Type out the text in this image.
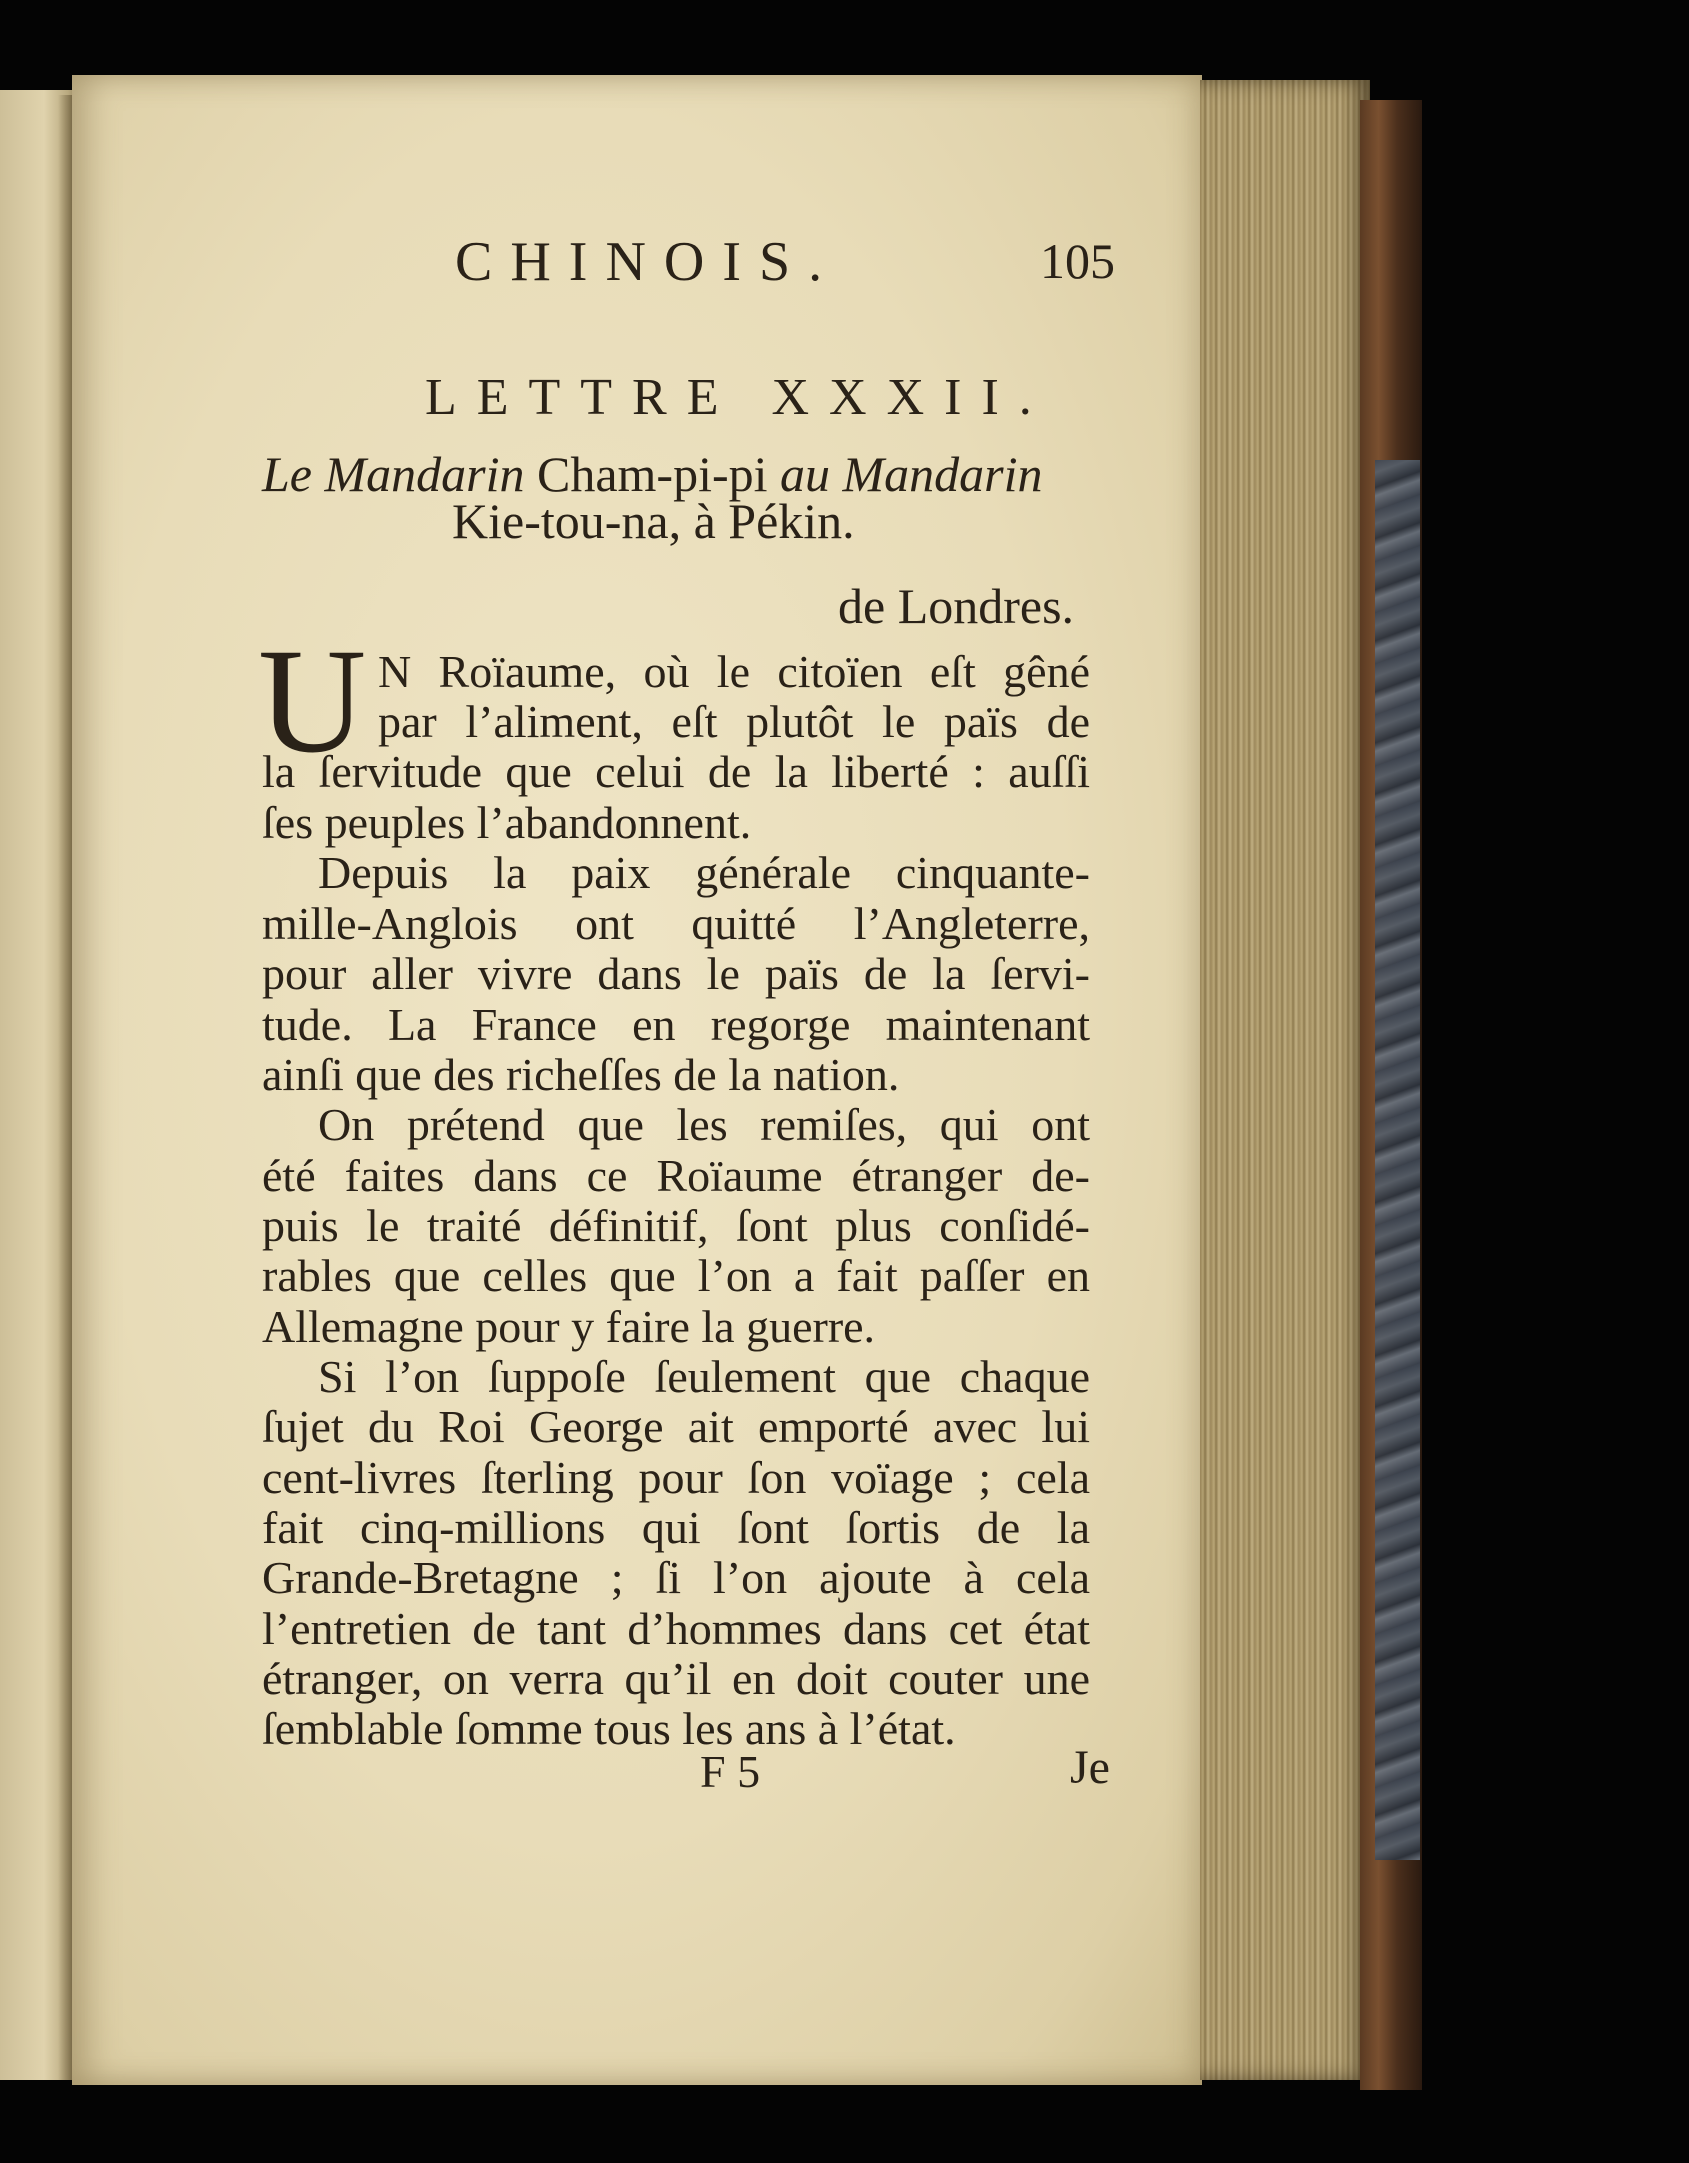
CHINOIS.	105
LETTRE XXXII.
Le Mandarin Cham-pi-pi au Mandarin
Kie-tou-na, à Pékin.
de Londres.
U N Roïaume, où le citoïen eſt gêné
par l’aliment, eſt plutôt le païs de
la ſervitude que celui de la liberté : auſſi
ſes peuples l’abandonnent.
Depuis la paix générale cinquante-
mille-Anglois ont quitté l’Angleterre,
pour aller vivre dans le païs de la ſervi-
tude. La France en regorge maintenant
ainſi que des richeſſes de la nation.
On prétend que les remiſes, qui ont
été faites dans ce Roïaume étranger de-
puis le traité définitif, ſont plus conſidé-
rables que celles que l’on a fait paſſer en
Allemagne pour y faire la guerre.
Si l’on ſuppoſe ſeulement que chaque
ſujet du Roi George ait emporté avec lui
cent-livres ſterling pour ſon voïage ; cela
fait cinq-millions qui ſont ſortis de la
Grande-Bretagne ; ſi l’on ajoute à cela
l’entretien de tant d’hommes dans cet état
étranger, on verra qu’il en doit couter une
ſemblable ſomme tous les ans à l’état.
F 5	Je
